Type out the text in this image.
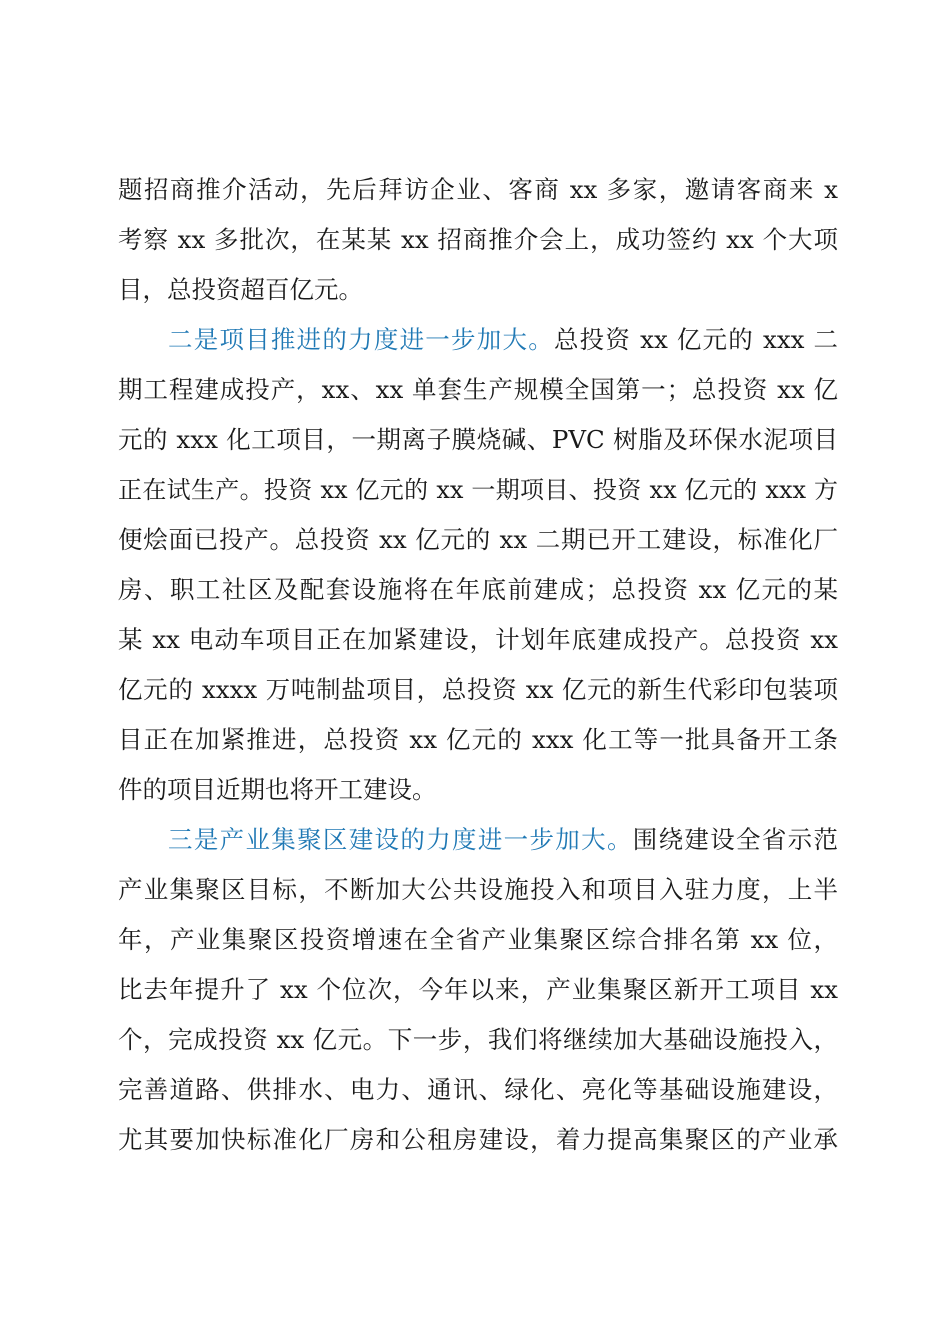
题招商推介活动，先后拜访企业、客商 xx 多家，邀请客商来 x
考察 xx 多批次，在某某 xx 招商推介会上，成功签约 xx 个大项
目，总投资超百亿元。
二是项目推进的力度进一步加大。总投资 xx 亿元的 xxx 二
期工程建成投产，xx、xx 单套生产规模全国第一；总投资 xx 亿
元的 xxx 化工项目，一期离子膜烧碱、PVC 树脂及环保水泥项目
正在试生产。投资 xx 亿元的 xx 一期项目、投资 xx 亿元的 xxx 方
便烩面已投产。总投资 xx 亿元的 xx 二期已开工建设，标准化厂
房、职工社区及配套设施将在年底前建成；总投资 xx 亿元的某
某 xx 电动车项目正在加紧建设，计划年底建成投产。总投资 xx
亿元的 xxxx 万吨制盐项目，总投资 xx 亿元的新生代彩印包装项
目正在加紧推进，总投资 xx 亿元的 xxx 化工等一批具备开工条
件的项目近期也将开工建设。
三是产业集聚区建设的力度进一步加大。围绕建设全省示范
产业集聚区目标，不断加大公共设施投入和项目入驻力度，上半
年，产业集聚区投资增速在全省产业集聚区综合排名第 xx 位，
比去年提升了 xx 个位次，今年以来，产业集聚区新开工项目 xx
个，完成投资 xx 亿元。下一步，我们将继续加大基础设施投入，
完善道路、供排水、电力、通讯、绿化、亮化等基础设施建设，
尤其要加快标准化厂房和公租房建设，着力提高集聚区的产业承
